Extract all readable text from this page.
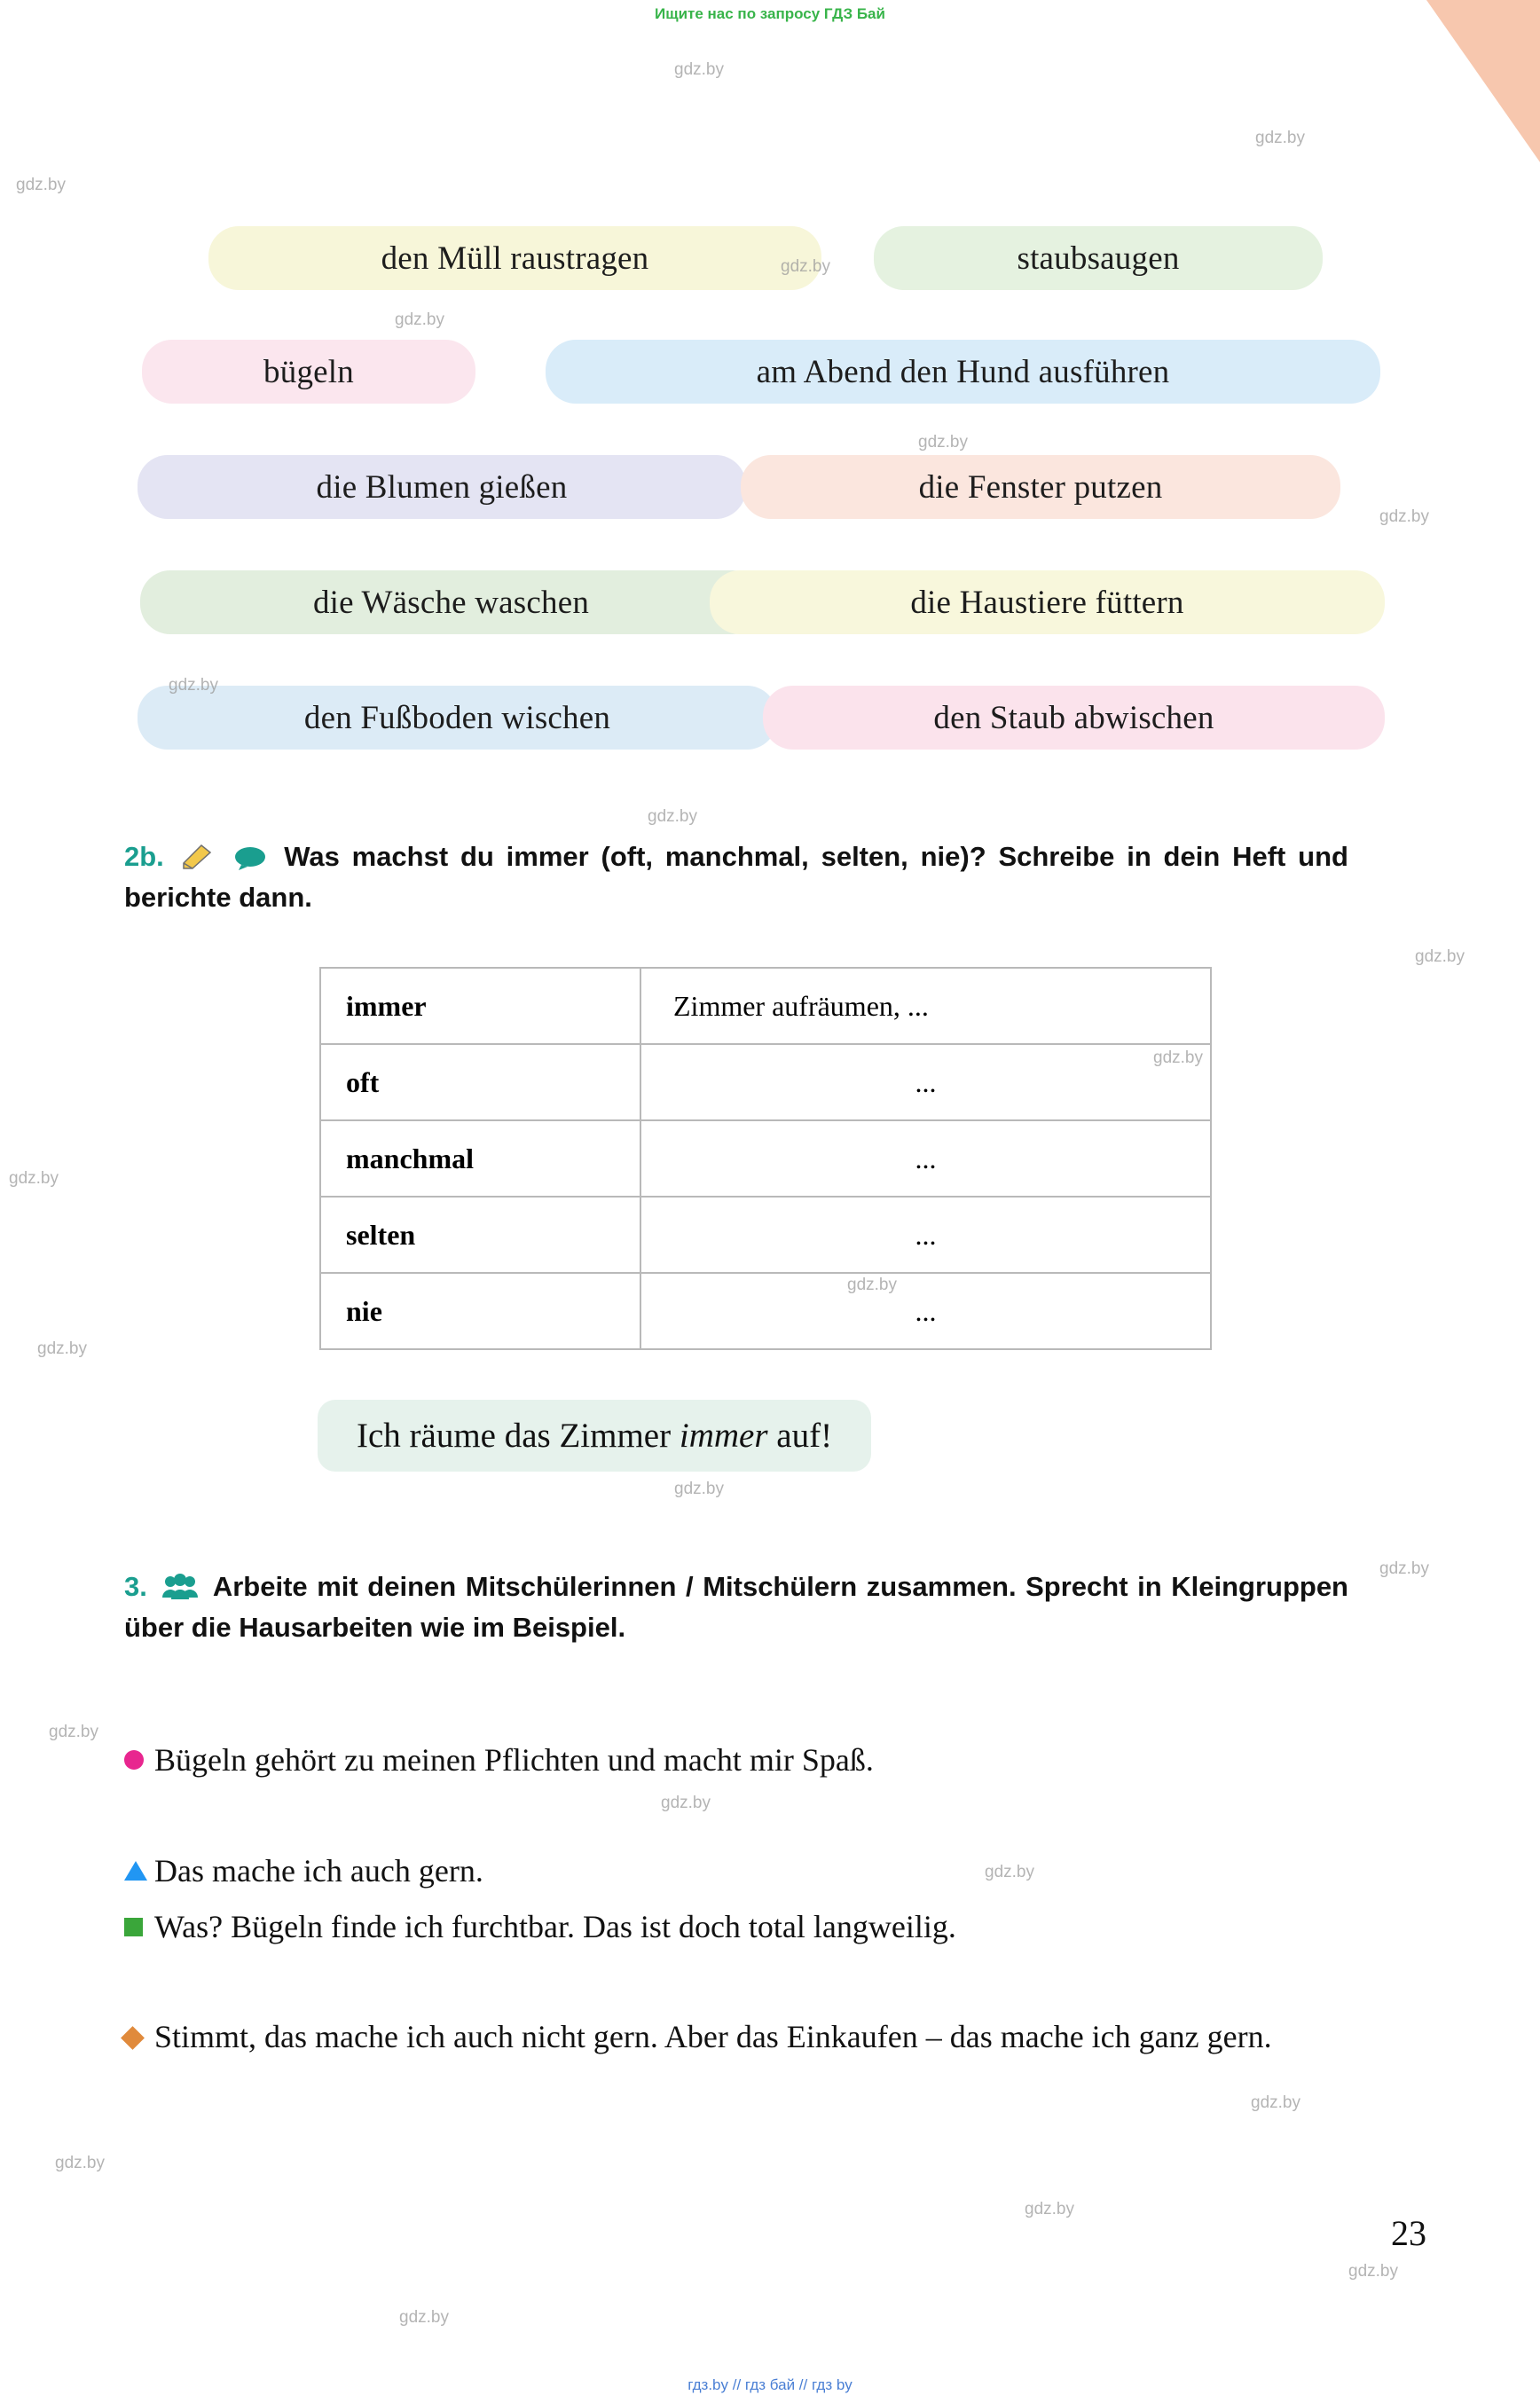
Ищите нас по запросу ГДЗ Бай
den Müll raustragen	staubsaugen
bügeln	am Abend den Hund ausführen
die Blumen gießen	die Fenster putzen
die Wäsche waschen	die Haustiere füttern
den Fußboden wischen	den Staub abwischen
2b.	Was machst du immer (oft, manchmal, selten, nie)? Schreibe in dein Heft und berichte dann.
immer	Zimmer aufräumen, ...
oft	...
manchmal	...
selten	...
nie	...
Ich räume das Zimmer immer auf!
3. Arbeite mit deinen Mitschülerinnen / Mitschülern zusammen. Sprecht in Kleingruppen über die Hausarbeiten wie im Beispiel.
Bügeln gehört zu meinen Pflichten und macht mir Spaß.
Das mache ich auch gern.
Was? Bügeln finde ich furchtbar. Das ist doch total langweilig.
Stimmt, das mache ich auch nicht gern. Aber das Einkaufen – das mache ich ganz gern.
23
гдз.by // гдз бай // гдз by
gdz.by
gdz.by
gdz.by
gdz.by
gdz.by
gdz.by
gdz.by
gdz.by
gdz.by
gdz.by
gdz.by
gdz.by
gdz.by
gdz.by
gdz.by
gdz.by
gdz.by
gdz.by
gdz.by
gdz.by
gdz.by
gdz.by
gdz.by
gdz.by
